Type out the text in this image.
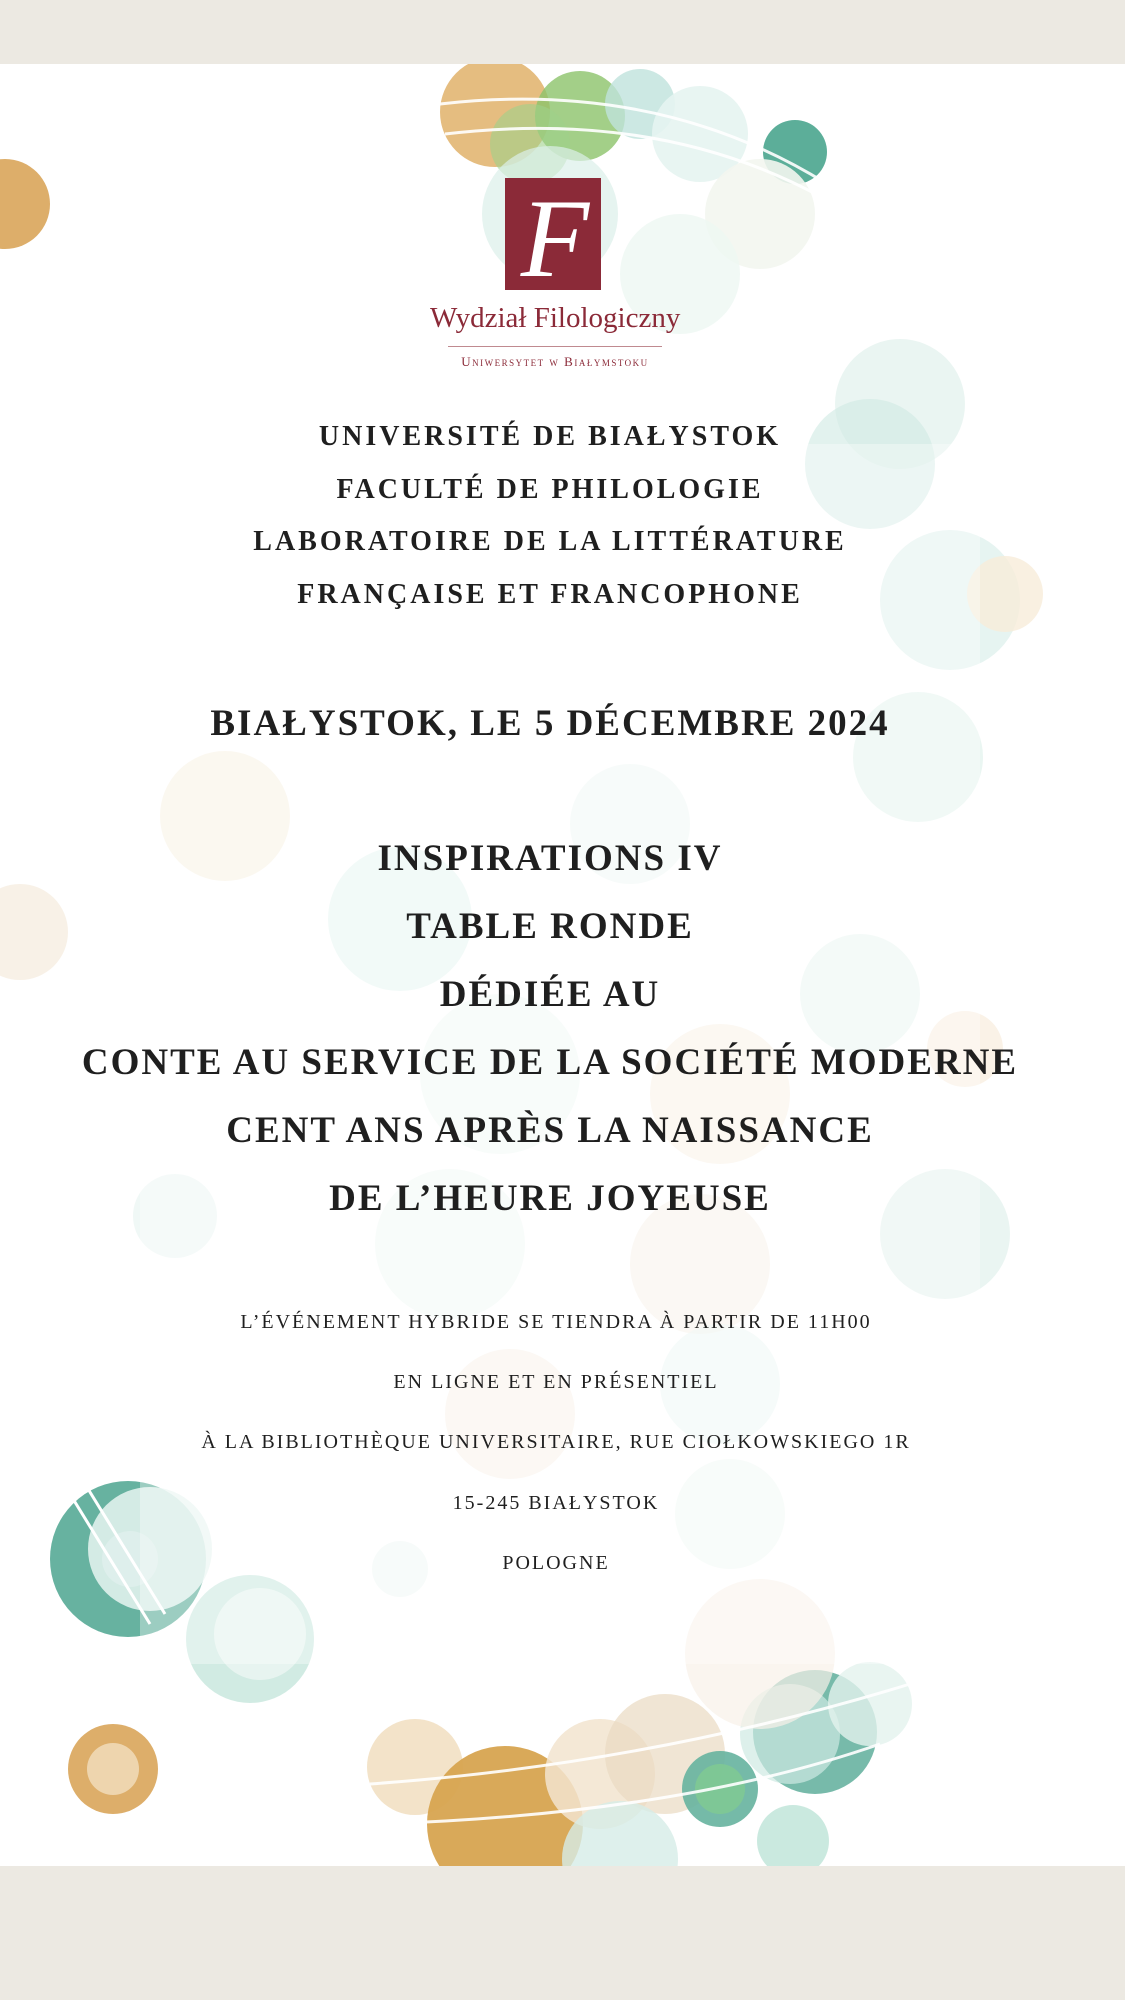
F
Wydział Filologiczny
Uniwersytet w Białymstoku
UNIVERSITÉ DE BIAŁYSTOK
FACULTÉ DE PHILOLOGIE
LABORATOIRE DE LA LITTÉRATURE
FRANÇAISE ET FRANCOPHONE
BIAŁYSTOK, LE 5 DÉCEMBRE 2024
INSPIRATIONS IV
TABLE RONDE
DÉDIÉE AU
CONTE AU SERVICE DE LA SOCIÉTÉ MODERNE
CENT ANS APRÈS LA NAISSANCE
DE L’HEURE JOYEUSE
L’ÉVÉNEMENT HYBRIDE SE TIENDRA À PARTIR DE 11H00
EN LIGNE ET EN PRÉSENTIEL
À LA BIBLIOTHÈQUE UNIVERSITAIRE, RUE CIOŁKOWSKIEGO 1R
15-245 BIAŁYSTOK
POLOGNE
